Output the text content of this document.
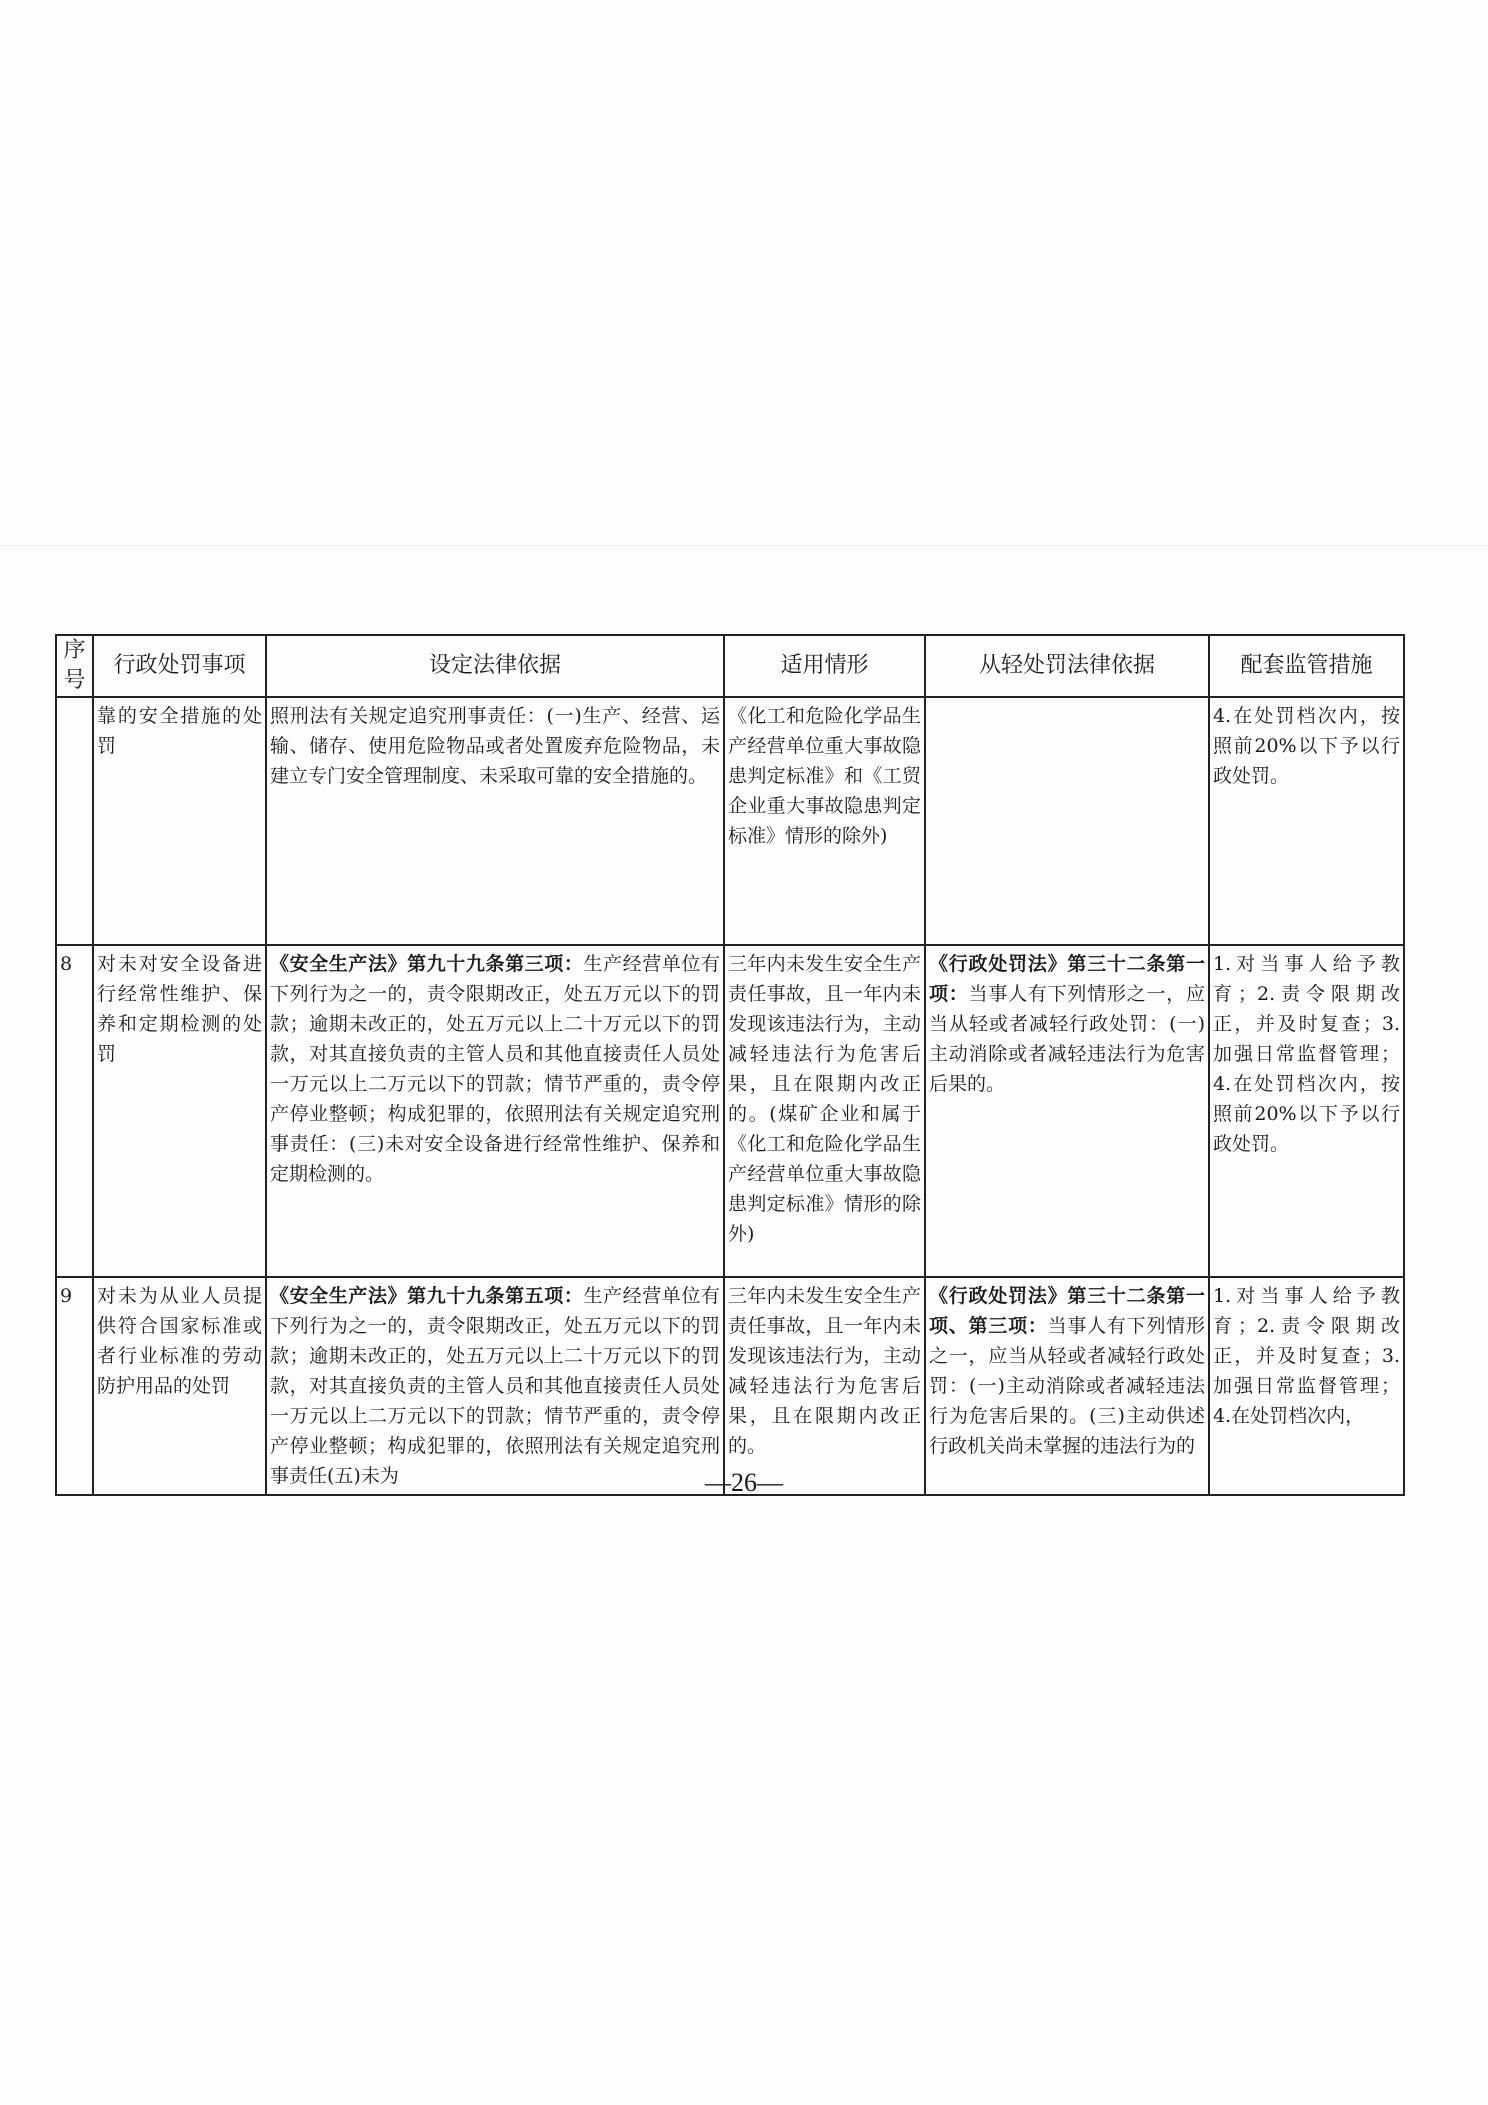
序号	行政处罚事项	设定法律依据	适用情形	从轻处罚法律依据	配套监管措施
	靠的安全措施的处罚	照刑法有关规定追究刑事责任：(一)生产、经营、运输、储存、使用危险物品或者处置废弃危险物品，未建立专门安全管理制度、未采取可靠的安全措施的。	《化工和危险化学品生产经营单位重大事故隐患判定标准》和《工贸企业重大事故隐患判定标准》情形的除外)		4.在处罚档次内，按照前20%以下予以行政处罚。
8	对未对安全设备进行经常性维护、保养和定期检测的处罚	《安全生产法》第九十九条第三项：生产经营单位有下列行为之一的，责令限期改正，处五万元以下的罚款；逾期未改正的，处五万元以上二十万元以下的罚款，对其直接负责的主管人员和其他直接责任人员处一万元以上二万元以下的罚款；情节严重的，责令停产停业整顿；构成犯罪的，依照刑法有关规定追究刑事责任：(三)未对安全设备进行经常性维护、保养和定期检测的。	三年内未发生安全生产责任事故，且一年内未发现该违法行为，主动减轻违法行为危害后果，且在限期内改正的。(煤矿企业和属于《化工和危险化学品生产经营单位重大事故隐患判定标准》情形的除外)	《行政处罚法》第三十二条第一项：当事人有下列情形之一，应当从轻或者减轻行政处罚：(一)主动消除或者减轻违法行为危害后果的。	1.对当事人给予教育；2.责令限期改正，并及时复查；3.加强日常监督管理；4.在处罚档次内，按照前20%以下予以行政处罚。
9	对未为从业人员提供符合国家标准或者行业标准的劳动防护用品的处罚	《安全生产法》第九十九条第五项：生产经营单位有下列行为之一的，责令限期改正，处五万元以下的罚款；逾期未改正的，处五万元以上二十万元以下的罚款，对其直接负责的主管人员和其他直接责任人员处一万元以上二万元以下的罚款；情节严重的，责令停产停业整顿；构成犯罪的，依照刑法有关规定追究刑事责任(五)未为	三年内未发生安全生产责任事故，且一年内未发现该违法行为，主动减轻违法行为危害后果，且在限期内改正的。	《行政处罚法》第三十二条第一项、第三项：当事人有下列情形之一，应当从轻或者减轻行政处罚：(一)主动消除或者减轻违法行为危害后果的。(三)主动供述行政机关尚未掌握的违法行为的	1.对当事人给予教育；2.责令限期改正，并及时复查；3.加强日常监督管理；4.在处罚档次内，
—26—
